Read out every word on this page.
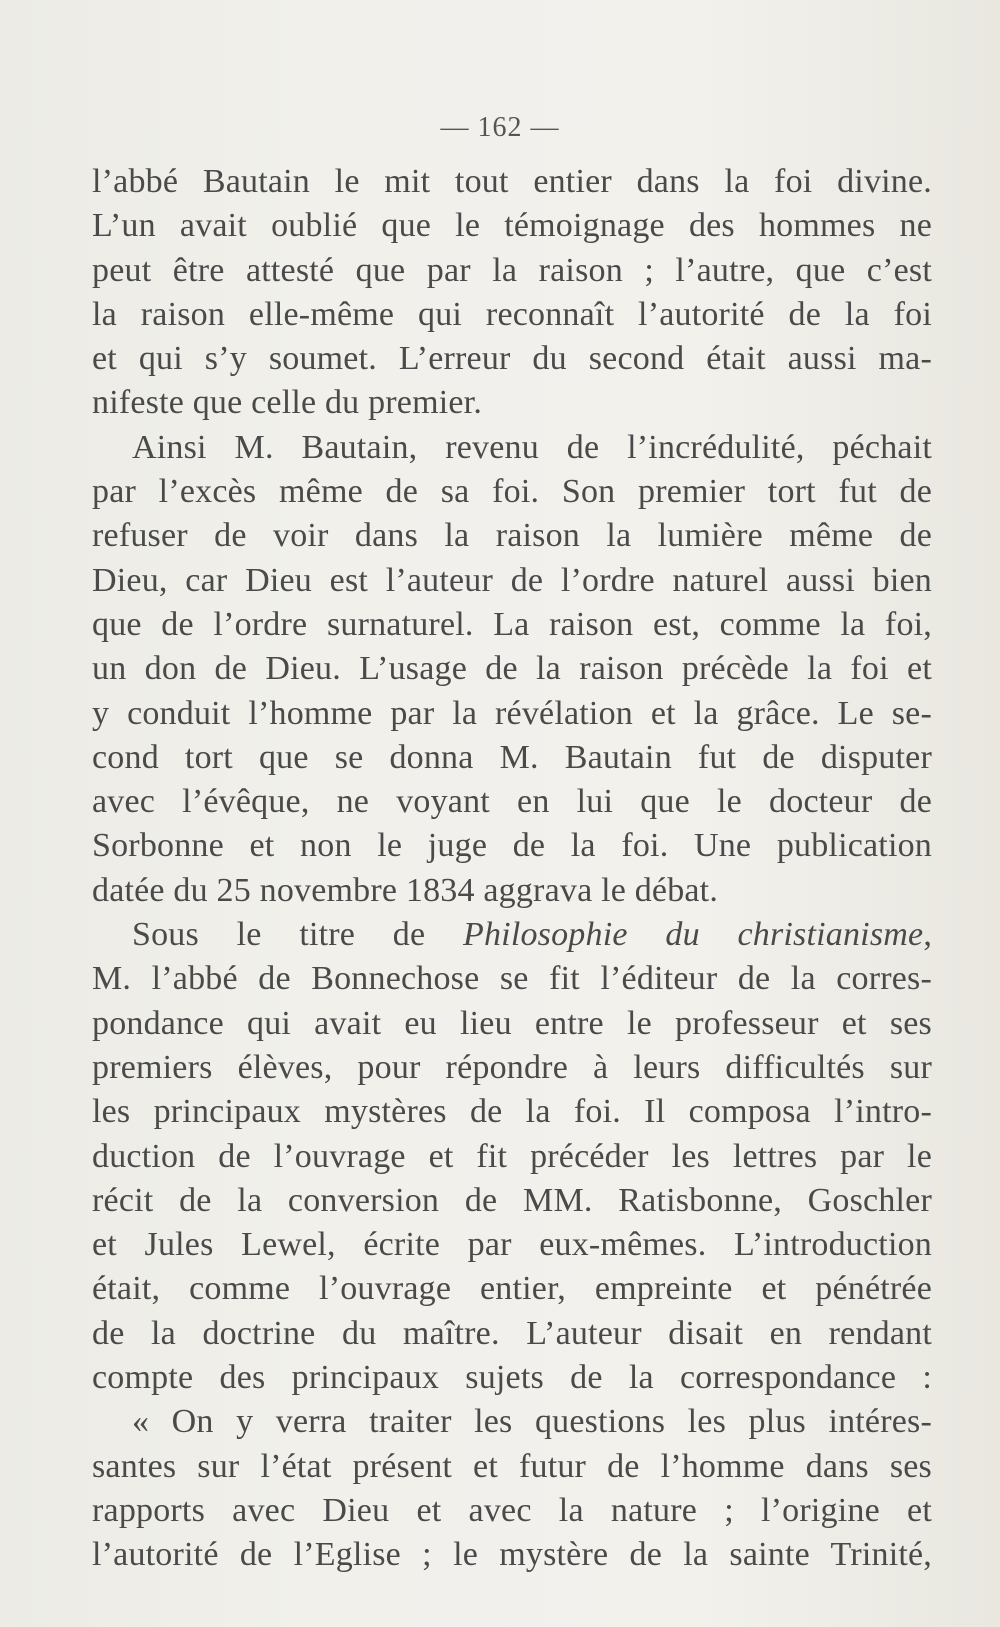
— 162 —
l’abbé Bautain le mit tout entier dans la foi divine.
L’un avait oublié que le témoignage des hommes ne
peut être attesté que par la raison ; l’autre, que c’est
la raison elle-même qui reconnaît l’autorité de la foi
et qui s’y soumet. L’erreur du second était aussi ma-
nifeste que celle du premier.
Ainsi M. Bautain, revenu de l’incrédulité, péchait
par l’excès même de sa foi. Son premier tort fut de
refuser de voir dans la raison la lumière même de
Dieu, car Dieu est l’auteur de l’ordre naturel aussi bien
que de l’ordre surnaturel. La raison est, comme la foi,
un don de Dieu. L’usage de la raison précède la foi et
y conduit l’homme par la révélation et la grâce. Le se-
cond tort que se donna M. Bautain fut de disputer
avec l’évêque, ne voyant en lui que le docteur de
Sorbonne et non le juge de la foi. Une publication
datée du 25 novembre 1834 aggrava le débat.
Sous le titre de Philosophie du christianisme,
M. l’abbé de Bonnechose se fit l’éditeur de la corres-
pondance qui avait eu lieu entre le professeur et ses
premiers élèves, pour répondre à leurs difficultés sur
les principaux mystères de la foi. Il composa l’intro-
duction de l’ouvrage et fit précéder les lettres par le
récit de la conversion de MM. Ratisbonne, Goschler
et Jules Lewel, écrite par eux-mêmes. L’introduction
était, comme l’ouvrage entier, empreinte et pénétrée
de la doctrine du maître. L’auteur disait en rendant
compte des principaux sujets de la correspondance :
« On y verra traiter les questions les plus intéres-
santes sur l’état présent et futur de l’homme dans ses
rapports avec Dieu et avec la nature ; l’origine et
l’autorité de l’Eglise ; le mystère de la sainte Trinité,
